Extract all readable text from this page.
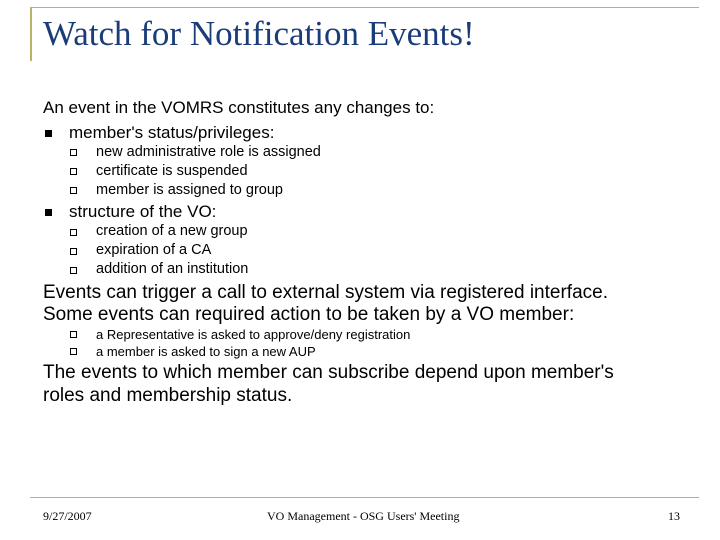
Watch for Notification Events!
An event in the VOMRS constitutes any changes to:
member's status/privileges:
new administrative role is assigned
certificate is suspended
member is assigned to group
structure of the VO:
creation of a new group
expiration of a CA
addition of an institution
Events can trigger a call to external system via registered interface.
Some events can required action to be taken by a VO member:
a Representative is asked to approve/deny registration
a member is asked to sign a new AUP
The events to which member can subscribe depend upon member's
roles and membership status.
9/27/2007	VO Management - OSG Users' Meeting	13
